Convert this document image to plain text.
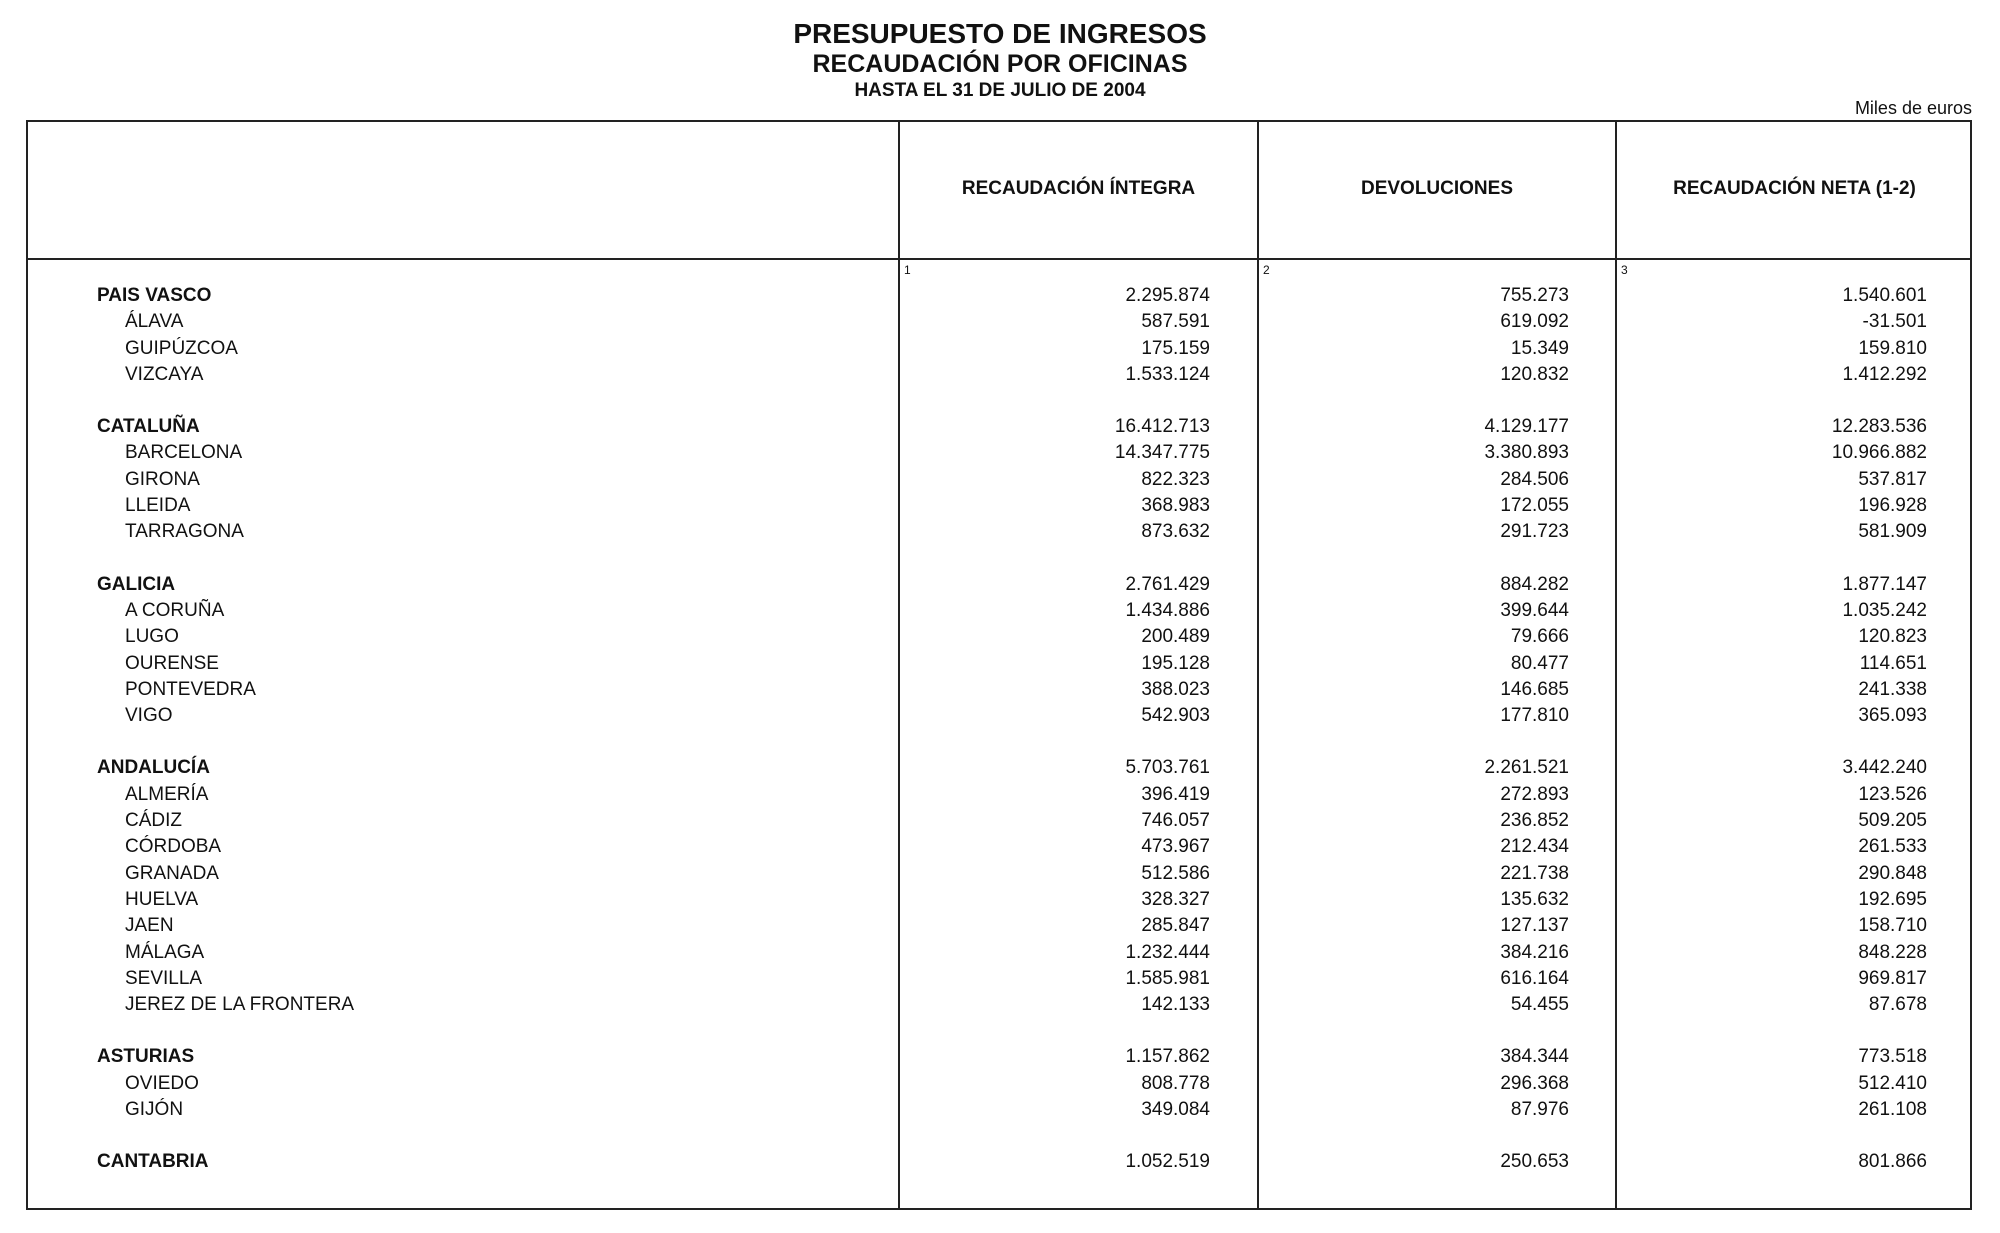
PRESUPUESTO DE INGRESOS
RECAUDACIÓN POR OFICINAS
HASTA EL 31 DE JULIO DE 2004
Miles de euros
RECAUDACIÓN ÍNTEGRA	DEVOLUCIONES	RECAUDACIÓN NETA (1-2)
1	2	3
PAIS VASCO	2.295.874	755.273	1.540.601
ÁLAVA	587.591	619.092	-31.501
GUIPÚZCOA	175.159	15.349	159.810
VIZCAYA	1.533.124	120.832	1.412.292
CATALUÑA	16.412.713	4.129.177	12.283.536
BARCELONA	14.347.775	3.380.893	10.966.882
GIRONA	822.323	284.506	537.817
LLEIDA	368.983	172.055	196.928
TARRAGONA	873.632	291.723	581.909
GALICIA	2.761.429	884.282	1.877.147
A CORUÑA	1.434.886	399.644	1.035.242
LUGO	200.489	79.666	120.823
OURENSE	195.128	80.477	114.651
PONTEVEDRA	388.023	146.685	241.338
VIGO	542.903	177.810	365.093
ANDALUCÍA	5.703.761	2.261.521	3.442.240
ALMERÍA	396.419	272.893	123.526
CÁDIZ	746.057	236.852	509.205
CÓRDOBA	473.967	212.434	261.533
GRANADA	512.586	221.738	290.848
HUELVA	328.327	135.632	192.695
JAEN	285.847	127.137	158.710
MÁLAGA	1.232.444	384.216	848.228
SEVILLA	1.585.981	616.164	969.817
JEREZ DE LA FRONTERA	142.133	54.455	87.678
ASTURIAS	1.157.862	384.344	773.518
OVIEDO	808.778	296.368	512.410
GIJÓN	349.084	87.976	261.108
CANTABRIA	1.052.519	250.653	801.866
